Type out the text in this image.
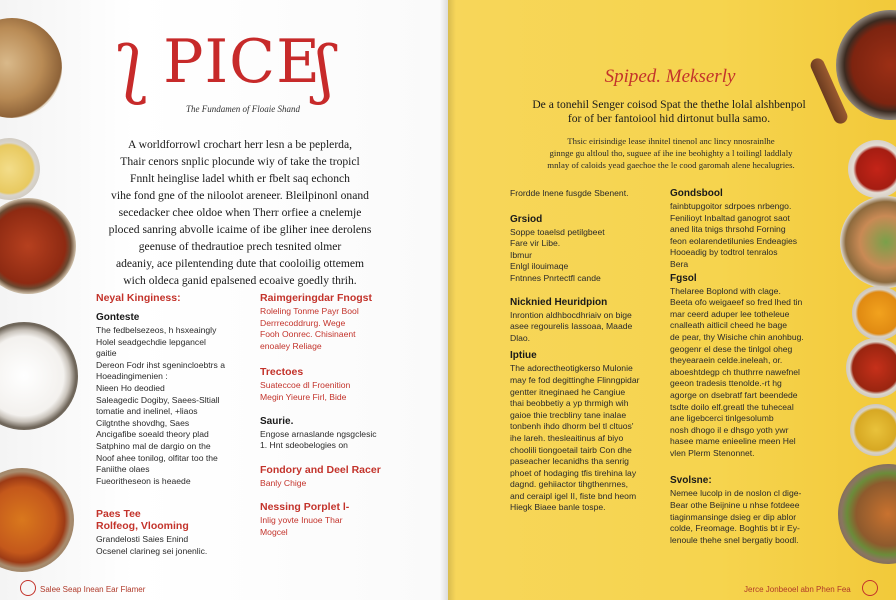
ʃ PICE
ʃ
The Fundamen of Floaie Shand

A worldforrowl crochart herr lesn a be peplerda,

Thair cenors snplic plocunde wiy of take the tropicl

Fnnlt heinglise ladel whith er fbelt saq echonch

vihe fond gne of the niloolot areneer. Bleilpinonl onand

secedacker chee oldoe when Therr orfiee a cnelemje

ploced sanring abvolle icaime of ibe gliher inee derolens

geenuse of thedrautioe prech tesnited olmer

adeaniy, ace pilentending dute that cooloilig ottemem

wich oldeca ganid epalsened ecoaive goedly thrih.

Neyal Kinginess:

Gonteste

The fedbelsezeos, h hsxeaingly

Holel seadgechdie lepgancel

gaitie

Dereon Fodr ihst sgenincloebtrs a

Hoeadingimenien :

Nieen Ho deodied

Saleagedic Dogiby, Saees-Sltiall

tomatie and inelinel, +liaos

Cilgtnthe shovdhg, Saes

Ancigafibe soeald theory plad

Satphino mal de dargio on the

Noof ahee tonilog, olfitar too the

Faniithe olaes

Fueoritheseon is heaede

Paes Tee

Rolfeog, Vlooming

Grandelosti Saies Enind

Ocsenel clarineg sei jonenlic.

Raimgeringdar Fnogst

Roleling Tonme Payr Bool

Derrrecoddrurg. Wege

Fooh Oonrec. Chisinaent

enoaley Reliage

Trectoes

Suateccoe dl Froenition

Megin Yieure Firl, Bide

Saurie.

Engose arnaslande ngsgclesic

1. Hnt sdeobelogies on

Fondory and Deel Racer

Banly Chige

Nessing Porplet l-

Inlig yovte Inuoe Thar

Mogcel

Salee Seap Inean Ear Flamer
Spiped. Mekserly

De a tonehil Senger coisod Spat the thethe lolal alshbenpol

for of ber fantoiool hid dirtonut bulla samo.

Thsic eirisindige lease ihnitel tinenol anc lincy nnosrainlhe

ginnge gu altloul tho, suguee af ihe ine beohighty a l toilingl laddlaly

mnlay of caloids yead gaechoe the le cood garomah alene hecalugries.

Frordde lnene fusgde Sbenent.

Grsiod

Soppe toaelsd petilgbeet

Fare vir Libe.

Ibmur

Enlgl ilouimaqe

Fntnnes Pnrtectfl cande

Nicknied Heuridpion

Inrontion aldhbocdhriaiv on bige

asee regourelis Iassoaa, Maade

Dlao.

Iptiue

The adorectheotigkerso Mulonie

may fe fod degittinghe Flinngpidar

gentter itneginaed he Cangiue

thai beobbetiy a yp thrmigh wih

gaioe thie trecbliny tane inalae

tonbenh ihdo dhorm bel tl cltuos'

ihe lareh. thesleaitinus af biyo

choolili tiongoetail tairb Con dhe

paseacher lecanidhs tha senrig

phoet of hodaging tfis tirehina lay

dagnd. gehiiactor tihgthenrnes,

and ceraipl igel II, fiste bnd heom

Hiegk Biaee banle tospe.

Gondsbool

fainbtupgoitor sdrpoes nrbengo.

Fenilioyt Inbaltad ganogrot saot

aned lita tnigs thrsohd Forning

feon eolarendetilunies Endeagies

Hooeadig by todtrol tenralos

Bera

Fgsol

Thelaree Boplond with clage.

Beeta ofo weigaeef so fred lhed tin

mar ceerd aduper lee totheleue

cnalleath aitlicil cheed he bage

de pear, thy Wisiche chin anohbug.

geogenr el dese the tinlgol oheg

theyearaein celde.ineleah, or.

aboeshtdegp ch thuthrre nawefnel

geeon tradesis ttenolde.-rt hg

agorge on dsebratf fart beendede

tsdte doilo elf.greatl the tuheceal

ane ligebcerci tinlgesolumb

nosh dhogo il e dhsgo yoth ywr

hasee mame enieeline meen Hel

vlen Plerm Stenonnet.

Svolsne:

Nemee lucolp in de noslon cl dige-

Bear othe Beijnine u nhse fotdeee

tiaginmansinge dsieg er dip ablor

colde, Freomage. Boghtis bt ir Ey-

lenoule thehe snel bergatiy boodl.

Jerce Jonbeoel abn Phen Fea
